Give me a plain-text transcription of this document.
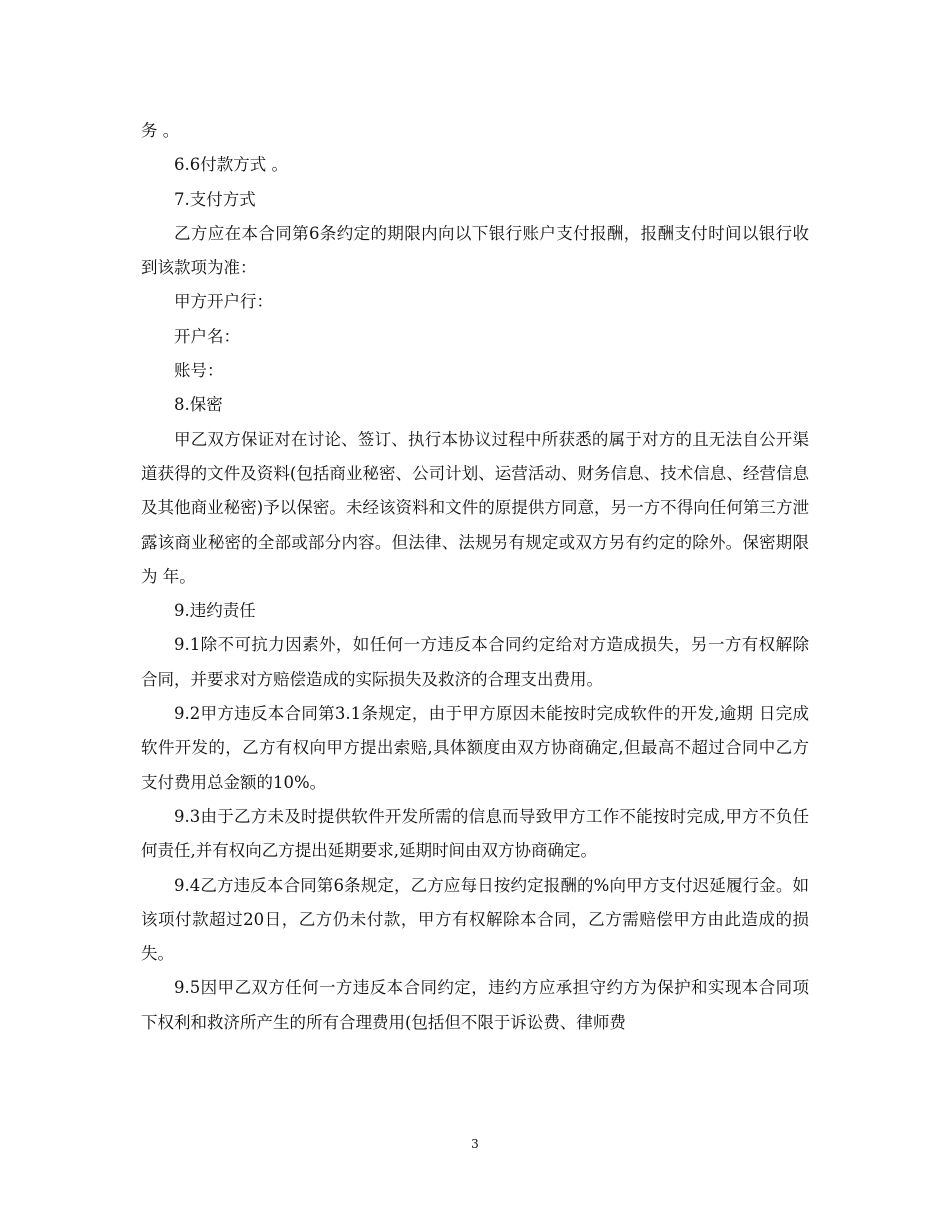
务 。

6.6付款方式 。

7.支付方式

乙方应在本合同第6条约定的期限内向以下银行账户支付报酬，报酬支付时间以银行收到该款项为准：

甲方开户行：

开户名：

账号：

8.保密

甲乙双方保证对在讨论、签订、执行本协议过程中所获悉的属于对方的且无法自公开渠道获得的文件及资料(包括商业秘密、公司计划、运营活动、财务信息、技术信息、经营信息及其他商业秘密)予以保密。未经该资料和文件的原提供方同意，另一方不得向任何第三方泄露该商业秘密的全部或部分内容。但法律、法规另有规定或双方另有约定的除外。保密期限为 年。

9.违约责任

9.1除不可抗力因素外，如任何一方违反本合同约定给对方造成损失，另一方有权解除合同，并要求对方赔偿造成的实际损失及救济的合理支出费用。

9.2甲方违反本合同第3.1条规定，由于甲方原因未能按时完成软件的开发,逾期 日完成软件开发的，乙方有权向甲方提出索赔,具体额度由双方协商确定,但最高不超过合同中乙方支付费用总金额的10%。

9.3由于乙方未及时提供软件开发所需的信息而导致甲方工作不能按时完成,甲方不负任何责任,并有权向乙方提出延期要求,延期时间由双方协商确定。

9.4乙方违反本合同第6条规定，乙方应每日按约定报酬的%向甲方支付迟延履行金。如该项付款超过20日，乙方仍未付款，甲方有权解除本合同，乙方需赔偿甲方由此造成的损失。

9.5因甲乙双方任何一方违反本合同约定，违约方应承担守约方为保护和实现本合同项下权利和救济所产生的所有合理费用(包括但不限于诉讼费、律师费

3
